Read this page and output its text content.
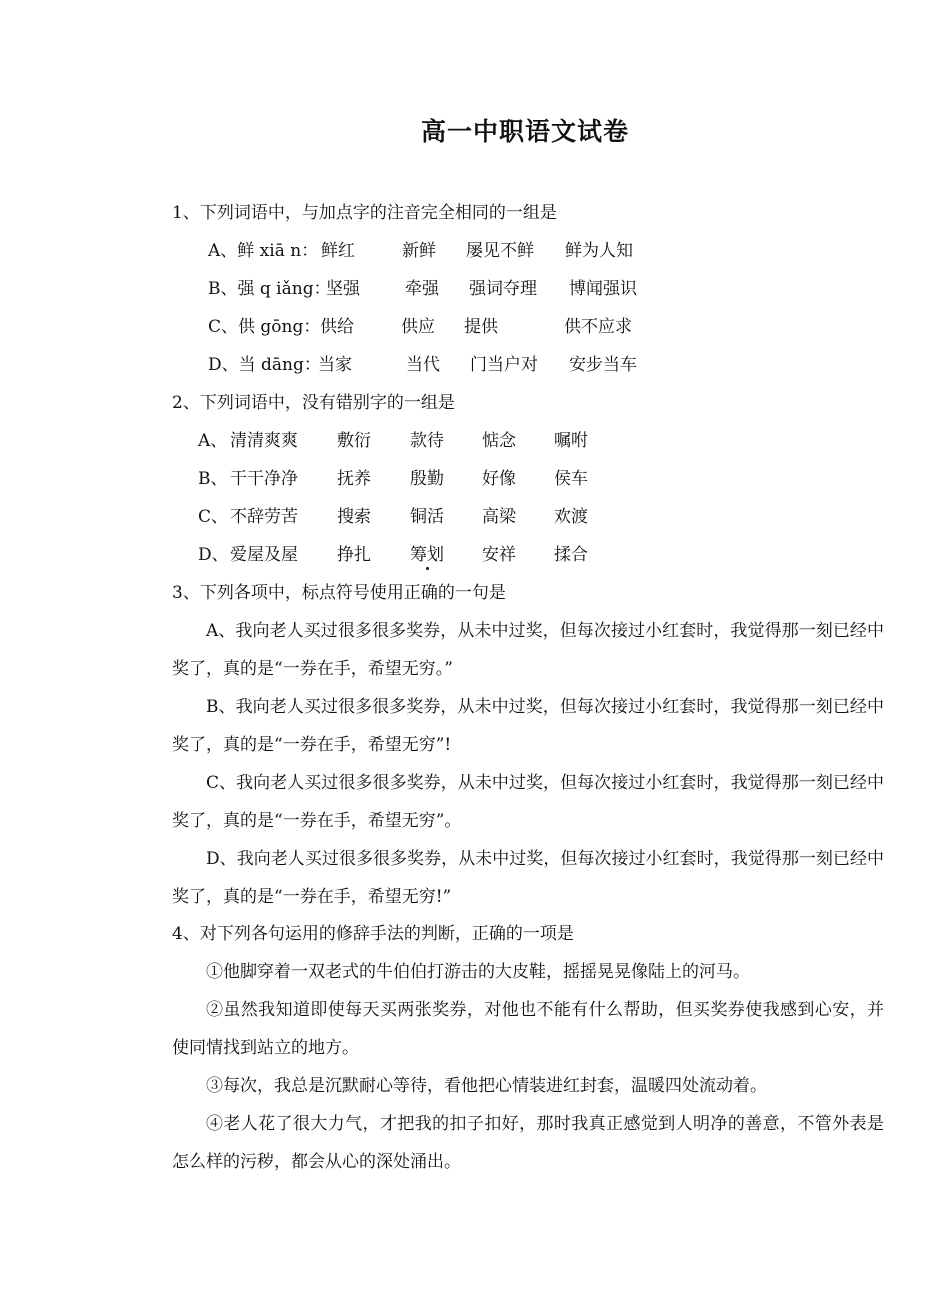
高一中职语文试卷
1、下列词语中，与加点字的注音完全相同的一组是
A、鲜 xiā n： 鲜红	新鲜 屡见不鲜 鲜为人知
B、强 q iǎng：
坚强	牵强 强词夺理 博闻强识
C、供 gōng： 供给	供应 提供	供不应求
D、当 dāng：
当家	当代 门当户对 安步当车
2、下列词语中，没有错别字的一组是
A、 清清爽爽 敷衍 款待 惦念 嘱咐
B、 干干净净 抚养 殷勤 好像 侯车
C、 不辞劳苦 搜索 铜活 高梁 欢渡
D、 爱屋及屋 挣扎 筹划 安祥 揉合
3、下列各项中，标点符号使用正确的一句是
A、我向老人买过很多很多奖券，从未中过奖，但每次接过小红套时，我觉得那一刻已经中奖了，真的是“一券在手，希望无穷。”
B、我向老人买过很多很多奖券，从未中过奖，但每次接过小红套时，我觉得那一刻已经中奖了，真的是“一券在手，希望无穷”!
C、我向老人买过很多很多奖券，从未中过奖，但每次接过小红套时，我觉得那一刻已经中奖了，真的是“一券在手，希望无穷”。
D、我向老人买过很多很多奖券，从未中过奖，但每次接过小红套时，我觉得那一刻已经中奖了，真的是“一券在手，希望无穷!”
4、对下列各句运用的修辞手法的判断，正确的一项是
①他脚穿着一双老式的牛伯伯打游击的大皮鞋，摇摇晃晃像陆上的河马。
②虽然我知道即使每天买两张奖券，对他也不能有什么帮助，但买奖券使我感到心安，并使同情找到站立的地方。
③每次，我总是沉默耐心等待，看他把心情装进红封套，温暖四处流动着。
④老人花了很大力气，才把我的扣子扣好，那时我真正感觉到人明净的善意，不管外表是怎么样的污秽，都会从心的深处涌出。
